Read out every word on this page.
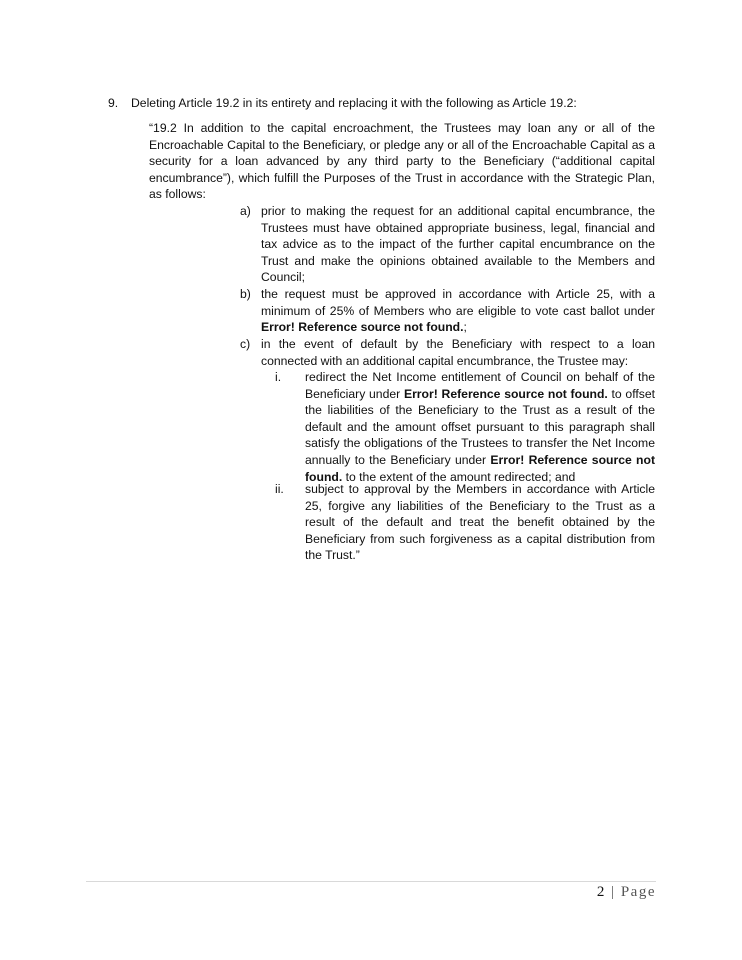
9.	Deleting Article 19.2 in its entirety and replacing it with the following as Article 19.2:
“19.2 In addition to the capital encroachment, the Trustees may loan any or all of the Encroachable Capital to the Beneficiary, or pledge any or all of the Encroachable Capital as a security for a loan advanced by any third party to the Beneficiary (“additional capital encumbrance”), which fulfill the Purposes of the Trust in accordance with the Strategic Plan, as follows:
a) prior to making the request for an additional capital encumbrance, the Trustees must have obtained appropriate business, legal, financial and tax advice as to the impact of the further capital encumbrance on the Trust and make the opinions obtained available to the Members and Council;
b) the request must be approved in accordance with Article 25, with a minimum of 25% of Members who are eligible to vote cast ballot under Error! Reference source not found.;
c) in the event of default by the Beneficiary with respect to a loan connected with an additional capital encumbrance, the Trustee may:
i. redirect the Net Income entitlement of Council on behalf of the Beneficiary under Error! Reference source not found. to offset the liabilities of the Beneficiary to the Trust as a result of the default and the amount offset pursuant to this paragraph shall satisfy the obligations of the Trustees to transfer the Net Income annually to the Beneficiary under Error! Reference source not found. to the extent of the amount redirected; and
ii. subject to approval by the Members in accordance with Article 25, forgive any liabilities of the Beneficiary to the Trust as a result of the default and treat the benefit obtained by the Beneficiary from such forgiveness as a capital distribution from the Trust.”
2 | Page
